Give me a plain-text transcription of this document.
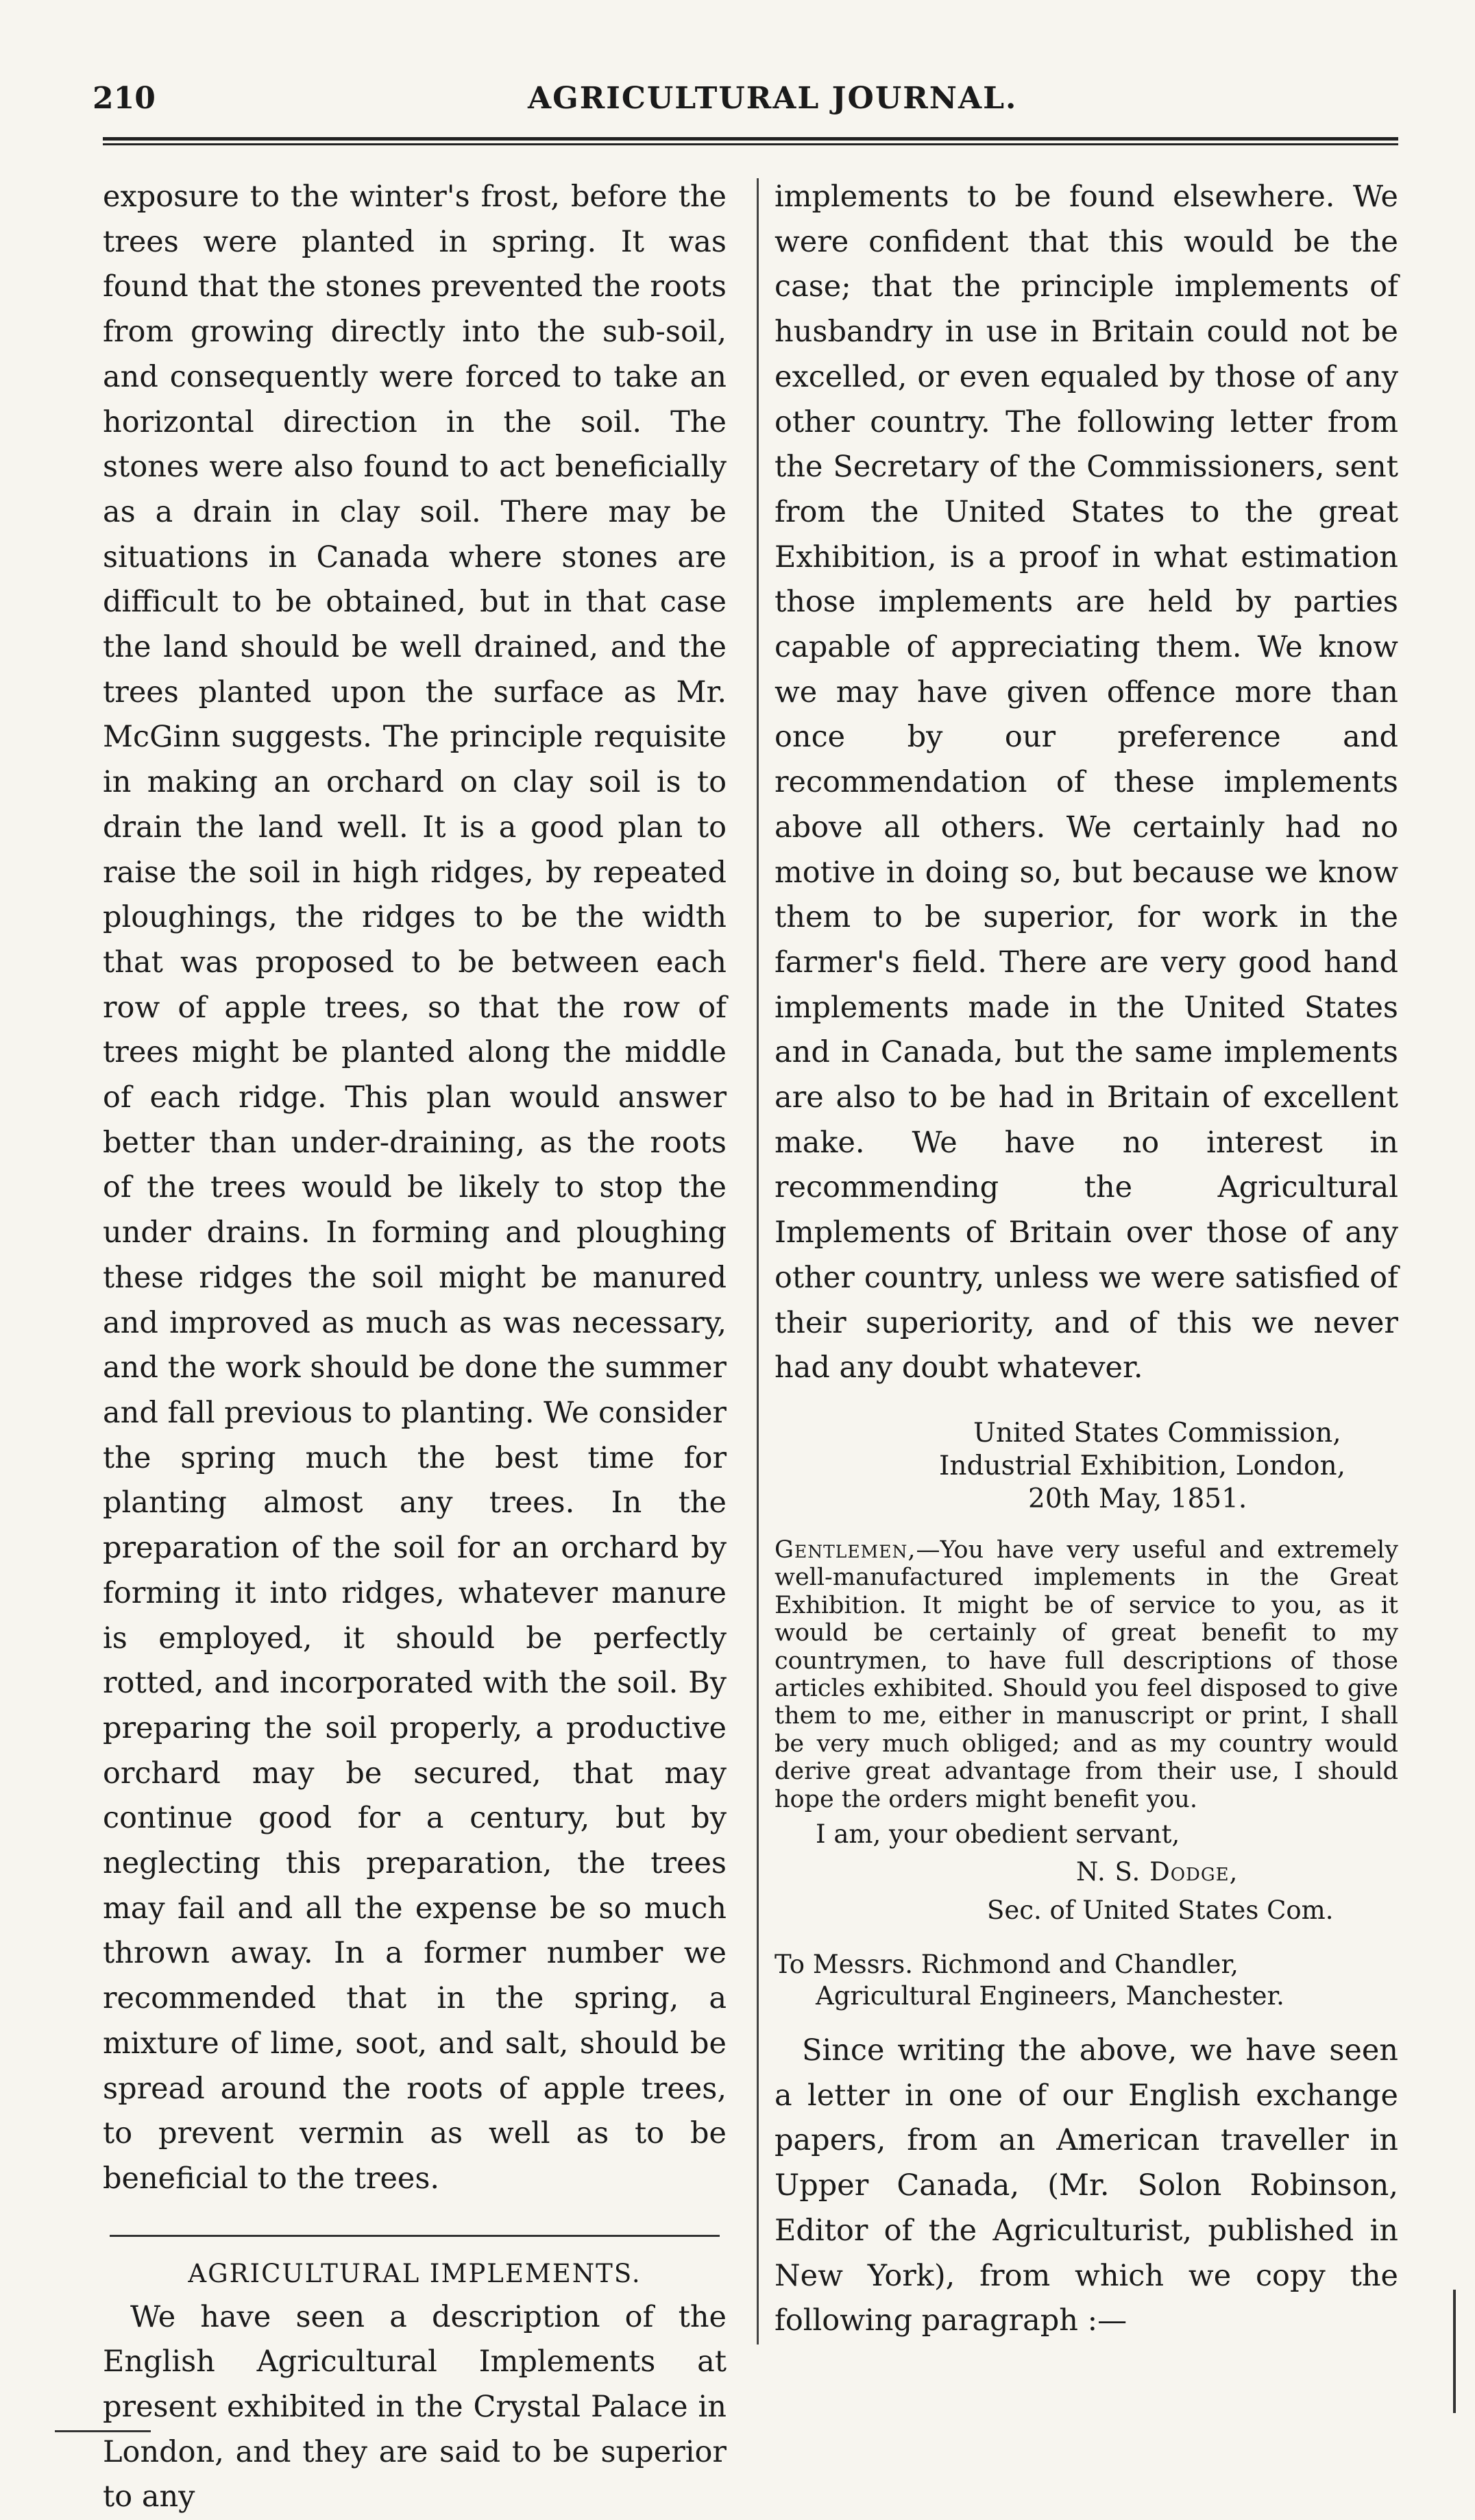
210	AGRICULTURAL JOURNAL.

exposure to the winter's frost, before the trees were planted in spring. It was found that the stones prevented the roots from growing directly into the sub-soil, and consequently were forced to take an horizontal direction in the soil. The stones were also found to act beneficially as a drain in clay soil. There may be situations in Canada where stones are difficult to be obtained, but in that case the land should be well drained, and the trees planted upon the surface as Mr. McGinn suggests. The principle requisite in making an orchard on clay soil is to drain the land well. It is a good plan to raise the soil in high ridges, by repeated ploughings, the ridges to be the width that was proposed to be between each row of apple trees, so that the row of trees might be planted along the middle of each ridge. This plan would answer better than under-draining, as the roots of the trees would be likely to stop the under drains. In forming and ploughing these ridges the soil might be manured and improved as much as was necessary, and the work should be done the summer and fall previous to planting. We consider the spring much the best time for planting almost any trees. In the preparation of the soil for an orchard by forming it into ridges, whatever manure is employed, it should be perfectly rotted, and incorporated with the soil. By preparing the soil properly, a productive orchard may be secured, that may continue good for a century, but by neglecting this preparation, the trees may fail and all the expense be so much thrown away. In a former number we recommended that in the spring, a mixture of lime, soot, and salt, should be spread around the roots of apple trees, to prevent vermin as well as to be beneficial to the trees.

AGRICULTURAL IMPLEMENTS.

We have seen a description of the English Agricultural Implements at present exhibited in the Crystal Palace in London, and they are said to be superior to any

implements to be found elsewhere. We were confident that this would be the case; that the principle implements of husbandry in use in Britain could not be excelled, or even equaled by those of any other country. The following letter from the Secretary of the Commissioners, sent from the United States to the great Exhibition, is a proof in what estimation those implements are held by parties capable of appreciating them. We know we may have given offence more than once by our preference and recommendation of these implements above all others. We certainly had no motive in doing so, but because we know them to be superior, for work in the farmer's field. There are very good hand implements made in the United States and in Canada, but the same implements are also to be had in Britain of excellent make. We have no interest in recommending the Agricultural Implements of Britain over those of any other country, unless we were satisfied of their superiority, and of this we never had any doubt whatever.

United States Commission,
Industrial Exhibition, London,
20th May, 1851.

Gentlemen,—You have very useful and extremely well-manufactured implements in the Great Exhibition. It might be of service to you, as it would be certainly of great benefit to my countrymen, to have full descriptions of those articles exhibited. Should you feel disposed to give them to me, either in manuscript or print, I shall be very much obliged; and as my country would derive great advantage from their use, I should hope the orders might benefit you.

I am, your obedient servant,

N. S. Dodge,

Sec. of United States Com.

To Messrs. Richmond and Chandler,
Agricultural Engineers, Manchester.

Since writing the above, we have seen a letter in one of our English exchange papers, from an American traveller in Upper Canada, (Mr. Solon Robinson, Editor of the Agriculturist, published in New York), from which we copy the following paragraph :—
